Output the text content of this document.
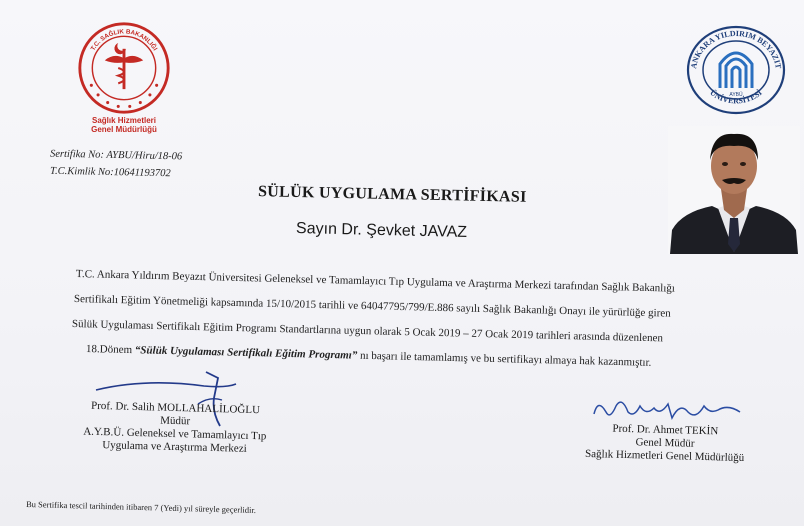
T.C. SAĞLIK BAKANLIĞI
Sağlık Hizmetleri
Genel Müdürlüğü
ANKARA YILDIRIM BEYAZIT
ÜNİVERSİTESİ
AYBÜ
Sertifika No: AYBU/Hiru/18-06
T.C.Kimlik No:10641193702
SÜLÜK UYGULAMA SERTİFİKASI
Sayın Dr. Şevket JAVAZ
T.C. Ankara Yıldırım Beyazıt Üniversitesi Geleneksel ve Tamamlayıcı Tıp Uygulama ve Araştırma Merkezi tarafından Sağlık Bakanlığı
Sertifikalı Eğitim Yönetmeliği kapsamında 15/10/2015 tarihli ve 64047795/799/E.886 sayılı Sağlık Bakanlığı Onayı ile yürürlüğe giren
Sülük Uygulaması Sertifikalı Eğitim Programı Standartlarına uygun olarak 5 Ocak 2019 – 27 Ocak 2019 tarihleri arasında düzenlenen
18.Dönem “Sülük Uygulaması Sertifikalı Eğitim Programı” nı başarı ile tamamlamış ve bu sertifikayı almaya hak kazanmıştır.
Prof. Dr. Salih MOLLAHALİLOĞLU
Müdür
A.Y.B.Ü. Geleneksel ve Tamamlayıcı Tıp
Uygulama ve Araştırma Merkezi
Prof. Dr. Ahmet TEKİN
Genel Müdür
Sağlık Hizmetleri Genel Müdürlüğü
Bu Sertifika tescil tarihinden itibaren 7 (Yedi) yıl süreyle geçerlidir.
